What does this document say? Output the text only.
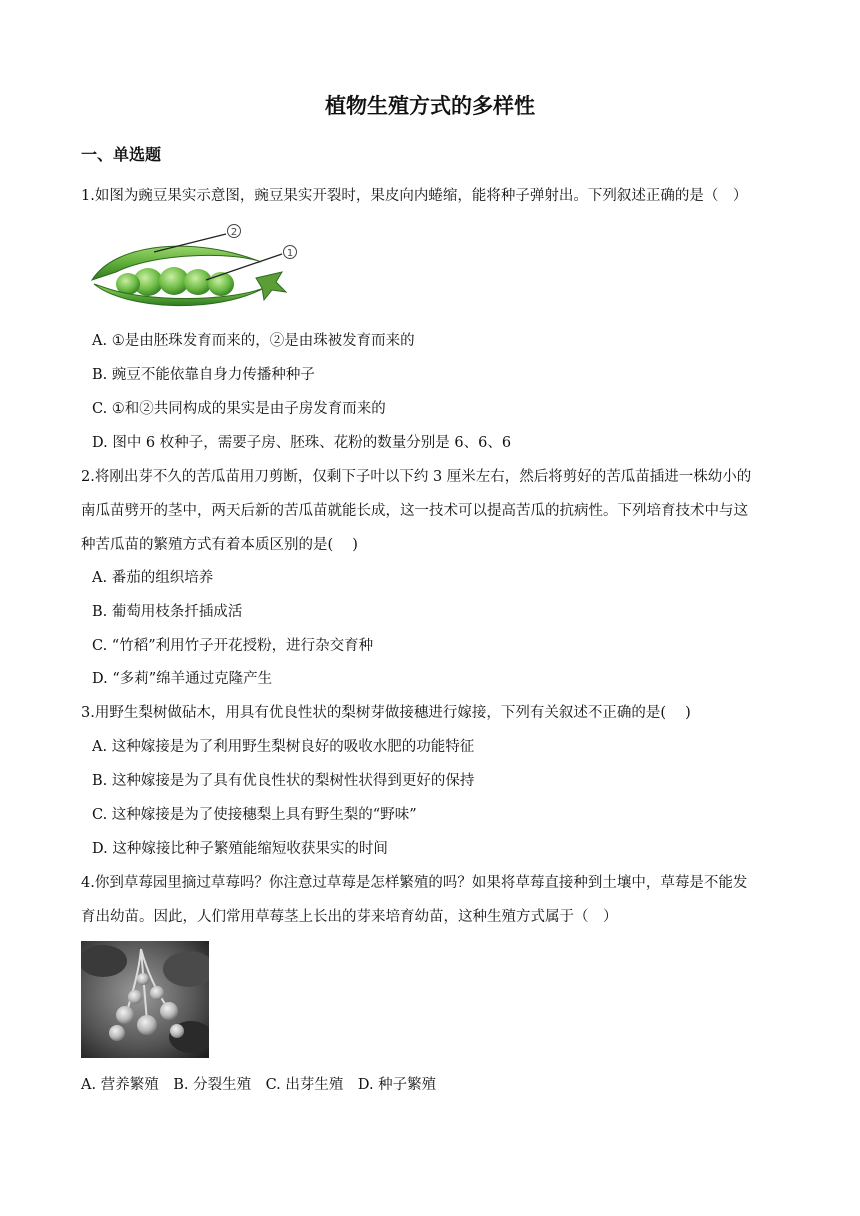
植物生殖方式的多样性
一、单选题
1.如图为豌豆果实示意图，豌豆果实开裂时，果皮向内蜷缩，能将种子弹射出。下列叙述正确的是（　）
2
1
A. ①是由胚珠发育而来的，②是由珠被发育而来的
B. 豌豆不能依靠自身力传播种种子
C. ①和②共同构成的果实是由子房发育而来的
D. 图中 6 枚种子，需要子房、胚珠、花粉的数量分别是 6、6、6
2.将刚出芽不久的苦瓜苗用刀剪断，仅剩下子叶以下约 3 厘米左右，然后将剪好的苦瓜苗插进一株幼小的
南瓜苗劈开的茎中，两天后新的苦瓜苗就能长成，这一技术可以提高苦瓜的抗病性。下列培育技术中与这
种苦瓜苗的繁殖方式有着本质区别的是(　 )
A. 番茄的组织培养
B. 葡萄用枝条扦插成活
C. “竹稻”利用竹子开花授粉，进行杂交育种
D. “多莉”绵羊通过克隆产生
3.用野生梨树做砧木，用具有优良性状的梨树芽做接穗进行嫁接，下列有关叙述不正确的是(　 )
A. 这种嫁接是为了利用野生梨树良好的吸收水肥的功能特征
B. 这种嫁接是为了具有优良性状的梨树性状得到更好的保持
C. 这种嫁接是为了使接穗梨上具有野生梨的“野味”
D. 这种嫁接比种子繁殖能缩短收获果实的时间
4.你到草莓园里摘过草莓吗？你注意过草莓是怎样繁殖的吗？如果将草莓直接种到土壤中，草莓是不能发
育出幼苗。因此，人们常用草莓茎上长出的芽来培育幼苗，这种生殖方式属于（　）
A. 营养繁殖　B. 分裂生殖　C. 出芽生殖　D. 种子繁殖
